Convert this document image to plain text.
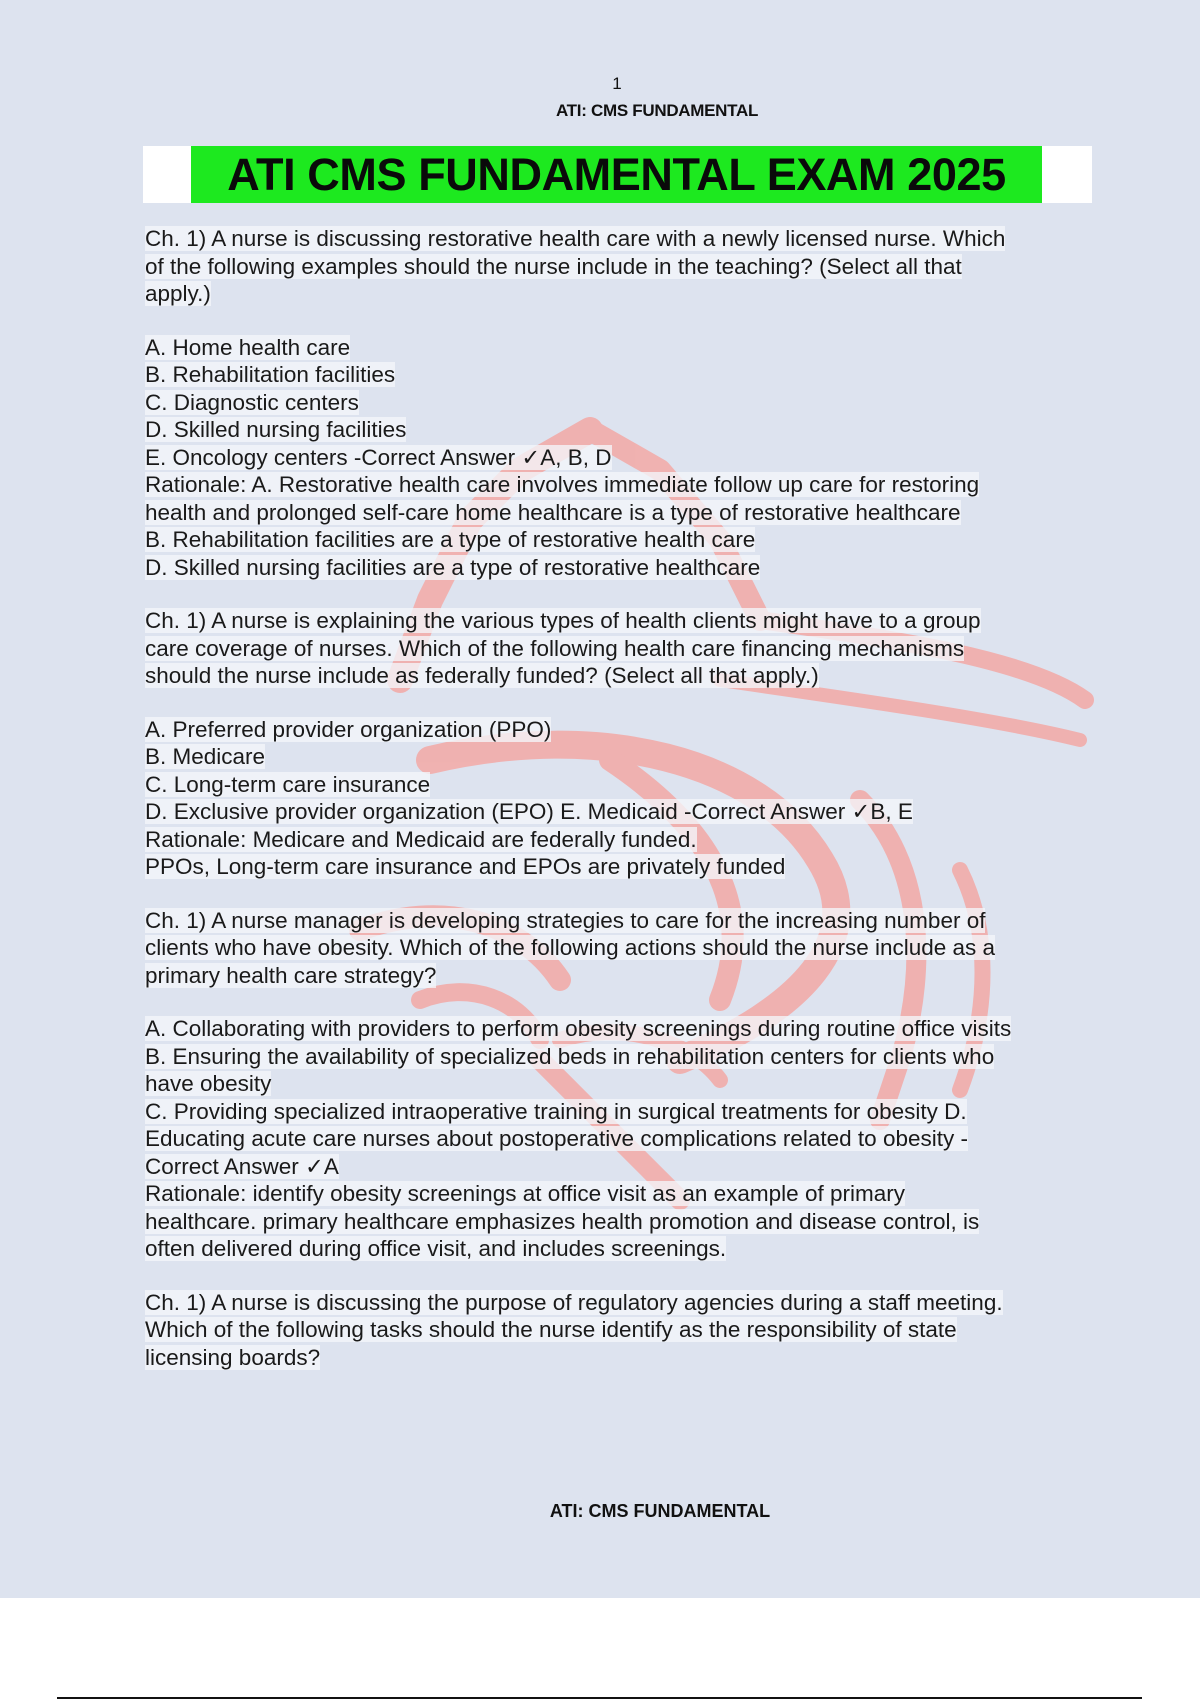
1
ATI: CMS FUNDAMENTAL
ATI CMS FUNDAMENTAL EXAM 2025
Ch. 1) A nurse is discussing restorative health care with a newly licensed nurse. Which
of the following examples should the nurse include in the teaching? (Select all that
apply.)
A. Home health care
B. Rehabilitation facilities
C. Diagnostic centers
D. Skilled nursing facilities
E. Oncology centers -Correct Answer ✓A, B, D
Rationale: A. Restorative health care involves immediate follow up care for restoring
health and prolonged self-care home healthcare is a type of restorative healthcare
B. Rehabilitation facilities are a type of restorative health care
D. Skilled nursing facilities are a type of restorative healthcare
Ch. 1) A nurse is explaining the various types of health clients might have to a group
care coverage of nurses. Which of the following health care financing mechanisms
should the nurse include as federally funded? (Select all that apply.)
A. Preferred provider organization (PPO)
B. Medicare
C. Long-term care insurance
D. Exclusive provider organization (EPO) E. Medicaid -Correct Answer ✓B, E
Rationale: Medicare and Medicaid are federally funded.
PPOs, Long-term care insurance and EPOs are privately funded
Ch. 1) A nurse manager is developing strategies to care for the increasing number of
clients who have obesity. Which of the following actions should the nurse include as a
primary health care strategy?
A. Collaborating with providers to perform obesity screenings during routine office visits
B. Ensuring the availability of specialized beds in rehabilitation centers for clients who
have obesity
C. Providing specialized intraoperative training in surgical treatments for obesity D.
Educating acute care nurses about postoperative complications related to obesity -
Correct Answer ✓A
Rationale: identify obesity screenings at office visit as an example of primary
healthcare. primary healthcare emphasizes health promotion and disease control, is
often delivered during office visit, and includes screenings.
Ch. 1) A nurse is discussing the purpose of regulatory agencies during a staff meeting.
Which of the following tasks should the nurse identify as the responsibility of state
licensing boards?
ATI: CMS FUNDAMENTAL
